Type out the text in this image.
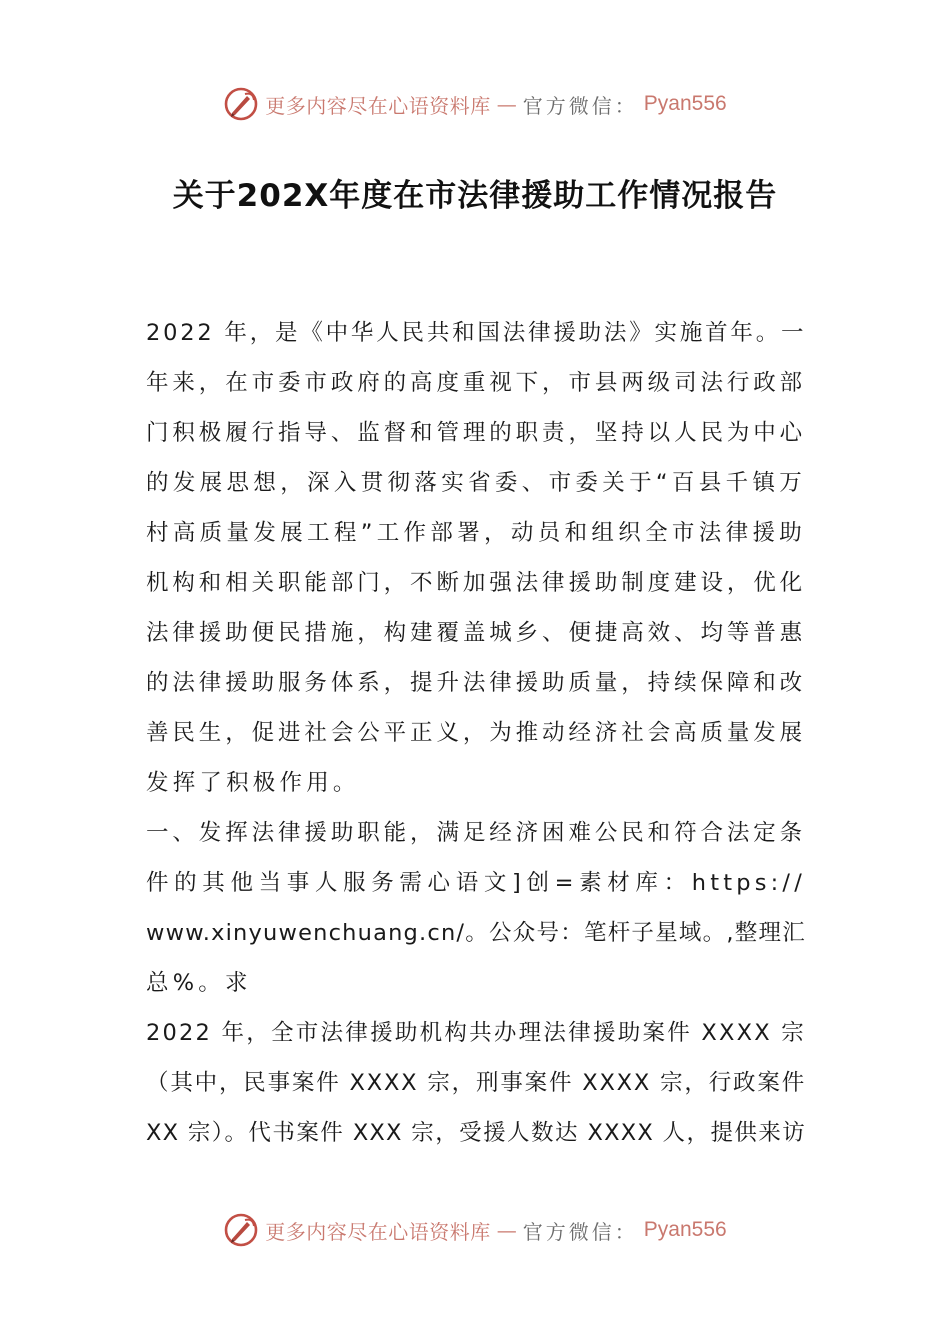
更多内容尽在心语资料库 — 官方微信： Pyan556
关于202X年度在市法律援助工作情况报告
2022 年，是《中华人民共和国法律援助法》实施首年。一
年来，在市委市政府的高度重视下，市县两级司法行政部
门积极履行指导、监督和管理的职责，坚持以人民为中心
的发展思想，深入贯彻落实省委、市委关于“百县千镇万
村高质量发展工程”工作部署，动员和组织全市法律援助
机构和相关职能部门，不断加强法律援助制度建设，优化
法律援助便民措施，构建覆盖城乡、便捷高效、均等普惠
的法律援助服务体系，提升法律援助质量，持续保障和改
善民生，促进社会公平正义，为推动经济社会高质量发展
发挥了积极作用。
一、发挥法律援助职能，满足经济困难公民和符合法定条
件的其他当事人服务需心语文]创=素材库：https://
www.xinyuwenchuang.cn/。公众号：笔杆子星域。,整理汇
总%。求
2022 年，全市法律援助机构共办理法律援助案件 XXXX 宗
（其中，民事案件 XXXX 宗，刑事案件 XXXX 宗，行政案件
XX 宗）。代书案件 XXX 宗，受援人数达 XXXX 人，提供来访
更多内容尽在心语资料库 — 官方微信： Pyan556
